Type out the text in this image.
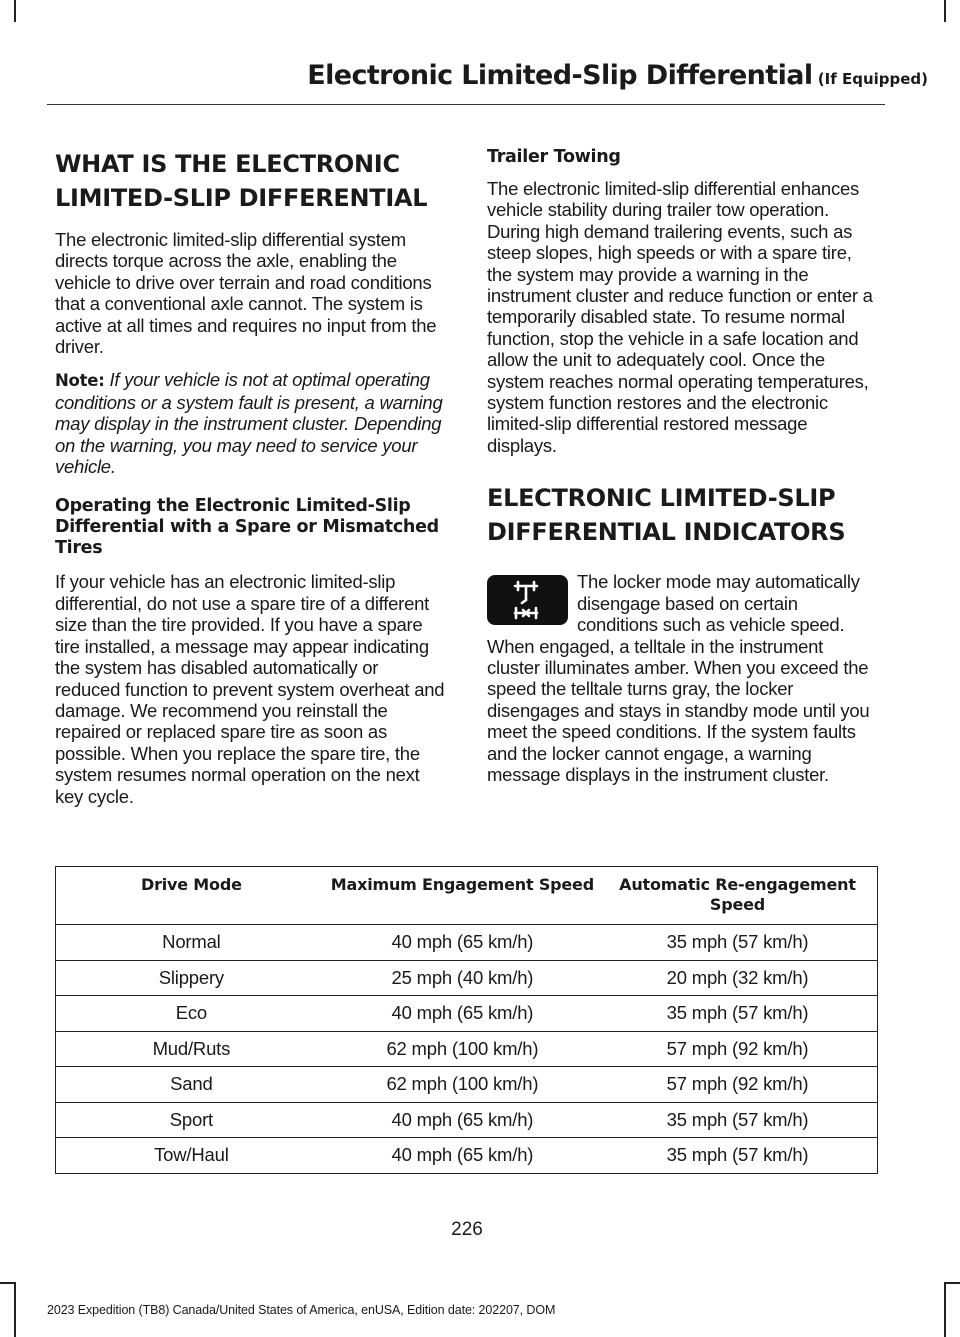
Electronic Limited-Slip Differential (If Equipped)
WHAT IS THE ELECTRONIC LIMITED-SLIP DIFFERENTIAL

The electronic limited-slip differential system directs torque across the axle, enabling the vehicle to drive over terrain and road conditions that a conventional axle cannot. The system is active at all times and requires no input from the driver.

Note: If your vehicle is not at optimal operating conditions or a system fault is present, a warning may display in the instrument cluster. Depending on the warning, you may need to service your vehicle.

Operating the Electronic Limited-Slip Differential with a Spare or Mismatched Tires

If your vehicle has an electronic limited-slip differential, do not use a spare tire of a different size than the tire provided. If you have a spare tire installed, a message may appear indicating the system has disabled automatically or reduced function to prevent system overheat and damage. We recommend you reinstall the repaired or replaced spare tire as soon as possible. When you replace the spare tire, the system resumes normal operation on the next key cycle.

Trailer Towing

The electronic limited-slip differential enhances vehicle stability during trailer tow operation. During high demand trailering events, such as steep slopes, high speeds or with a spare tire, the system may provide a warning in the instrument cluster and reduce function or enter a temporarily disabled state. To resume normal function, stop the vehicle in a safe location and allow the unit to adequately cool. Once the system reaches normal operating temperatures, system function restores and the electronic limited-slip differential restored message displays.

ELECTRONIC LIMITED-SLIP DIFFERENTIAL INDICATORS

The locker mode may automatically disengage based on certain conditions such as vehicle speed. When engaged, a telltale in the instrument cluster illuminates amber. When you exceed the speed the telltale turns gray, the locker disengages and stays in standby mode until you meet the speed conditions. If the system faults and the locker cannot engage, a warning message displays in the instrument cluster.

Drive Mode	Maximum Engagement Speed	Automatic Re-engagement Speed
Normal	40 mph (65 km/h)	35 mph (57 km/h)
Slippery	25 mph (40 km/h)	20 mph (32 km/h)
Eco	40 mph (65 km/h)	35 mph (57 km/h)
Mud/Ruts	62 mph (100 km/h)	57 mph (92 km/h)
Sand	62 mph (100 km/h)	57 mph (92 km/h)
Sport	40 mph (65 km/h)	35 mph (57 km/h)
Tow/Haul	40 mph (65 km/h)	35 mph (57 km/h)
226
2023 Expedition (TB8) Canada/United States of America, enUSA, Edition date: 202207, DOM
